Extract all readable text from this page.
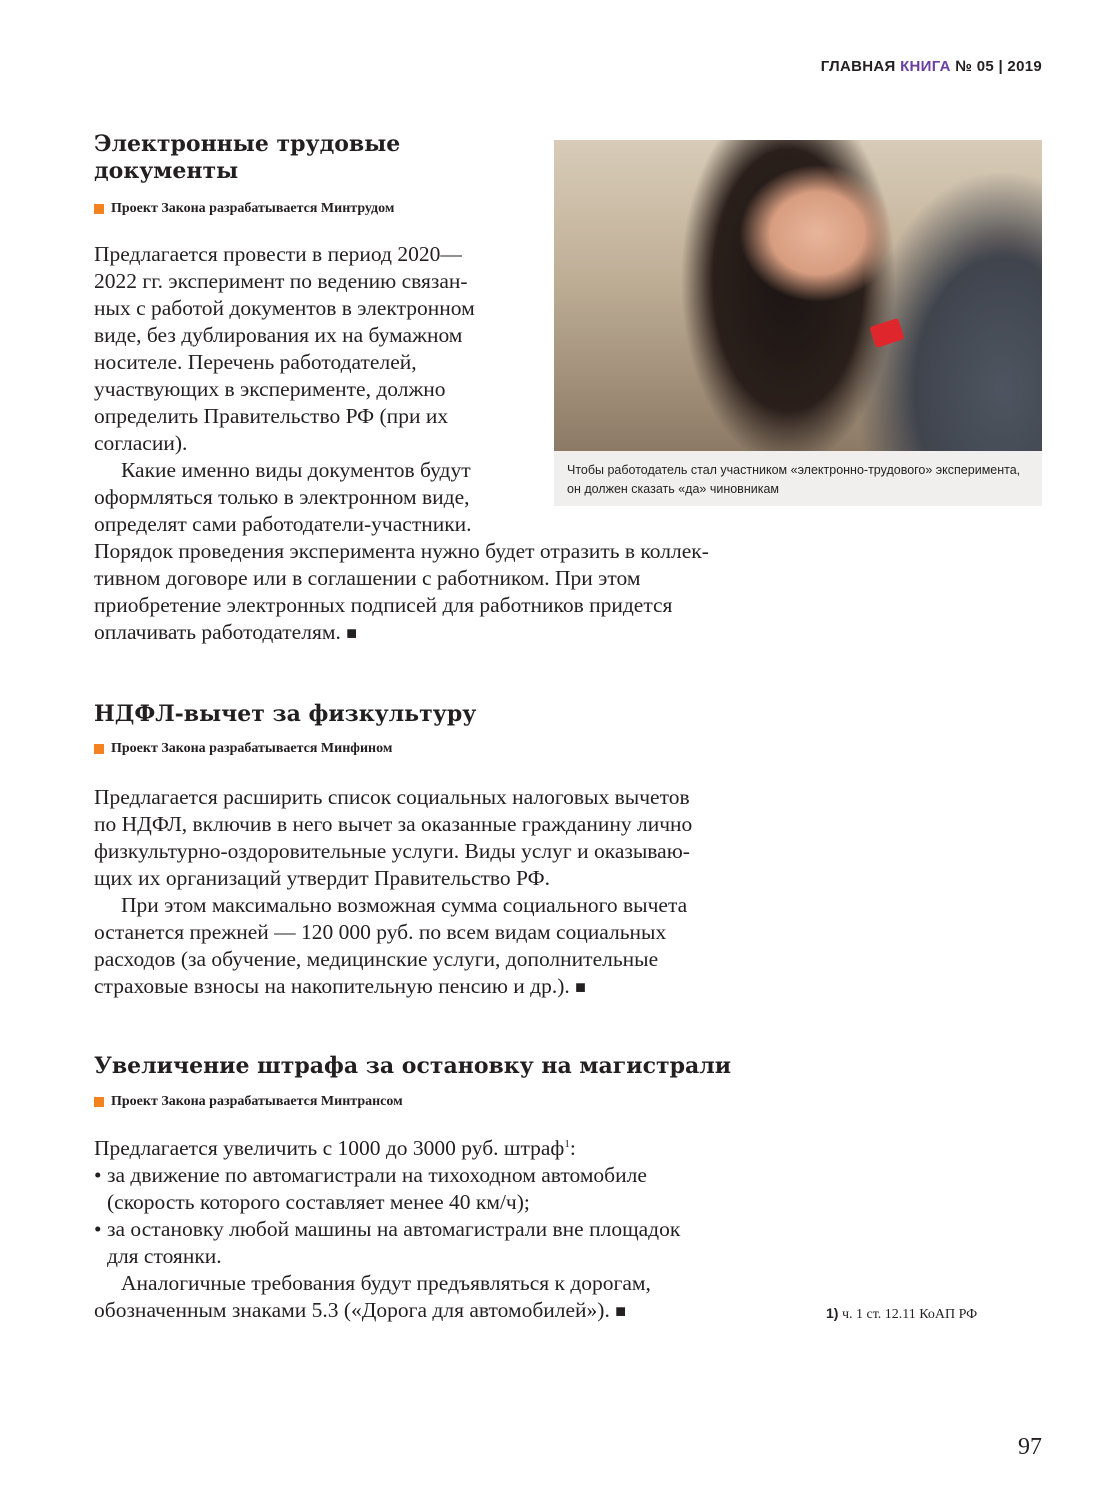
ГЛАВНАЯ КНИГА № 05 | 2019
Электронные трудовые
документы
Проект Закона разрабатывается Минтрудом

Предлагается провести в период 2020—
2022 гг. эксперимент по ведению связан-
ных с работой документов в электронном
виде, без дублирования их на бумажном
носителе. Перечень работодателей,
участвующих в эксперименте, должно
определить Правительство РФ (при их
согласии).

Какие именно виды документов будут
оформляться только в электронном виде,
определят сами работодатели-участники.
Порядок проведения эксперимента нужно будет отразить в коллек-
тивном договоре или в соглашении с работником. При этом
приобретение электронных подписей для работников придется
оплачивать работодателям. ■

Чтобы работодатель стал участником «электронно-трудового» эксперимента,
он должен сказать «да» чиновникам
НДФЛ-вычет за физкультуру
Проект Закона разрабатывается Минфином

Предлагается расширить список социальных налоговых вычетов
по НДФЛ, включив в него вычет за оказанные гражданину лично
физкультурно-оздоровительные услуги. Виды услуг и оказываю-
щих их организаций утвердит Правительство РФ.

При этом максимально возможная сумма социального вычета
останется прежней — 120 000 руб. по всем видам социальных
расходов (за обучение, медицинские услуги, дополнительные
страховые взносы на накопительную пенсию и др.). ■

Увеличение штрафа за остановку на магистрали
Проект Закона разрабатывается Минтрансом

Предлагается увеличить с 1000 до 3000 руб. штраф$^1$:

• за движение по автомагистрали на тихоходном автомобиле
(скорость которого составляет менее 40 км/ч);
• за остановку любой машины на автомагистрали вне площадок
для стоянки.

Аналогичные требования будут предъявляться к дорогам,
обозначенным знаками 5.3 («Дорога для автомобилей»). ■	1) ч. 1 ст. 12.11 КоАП РФ
97
